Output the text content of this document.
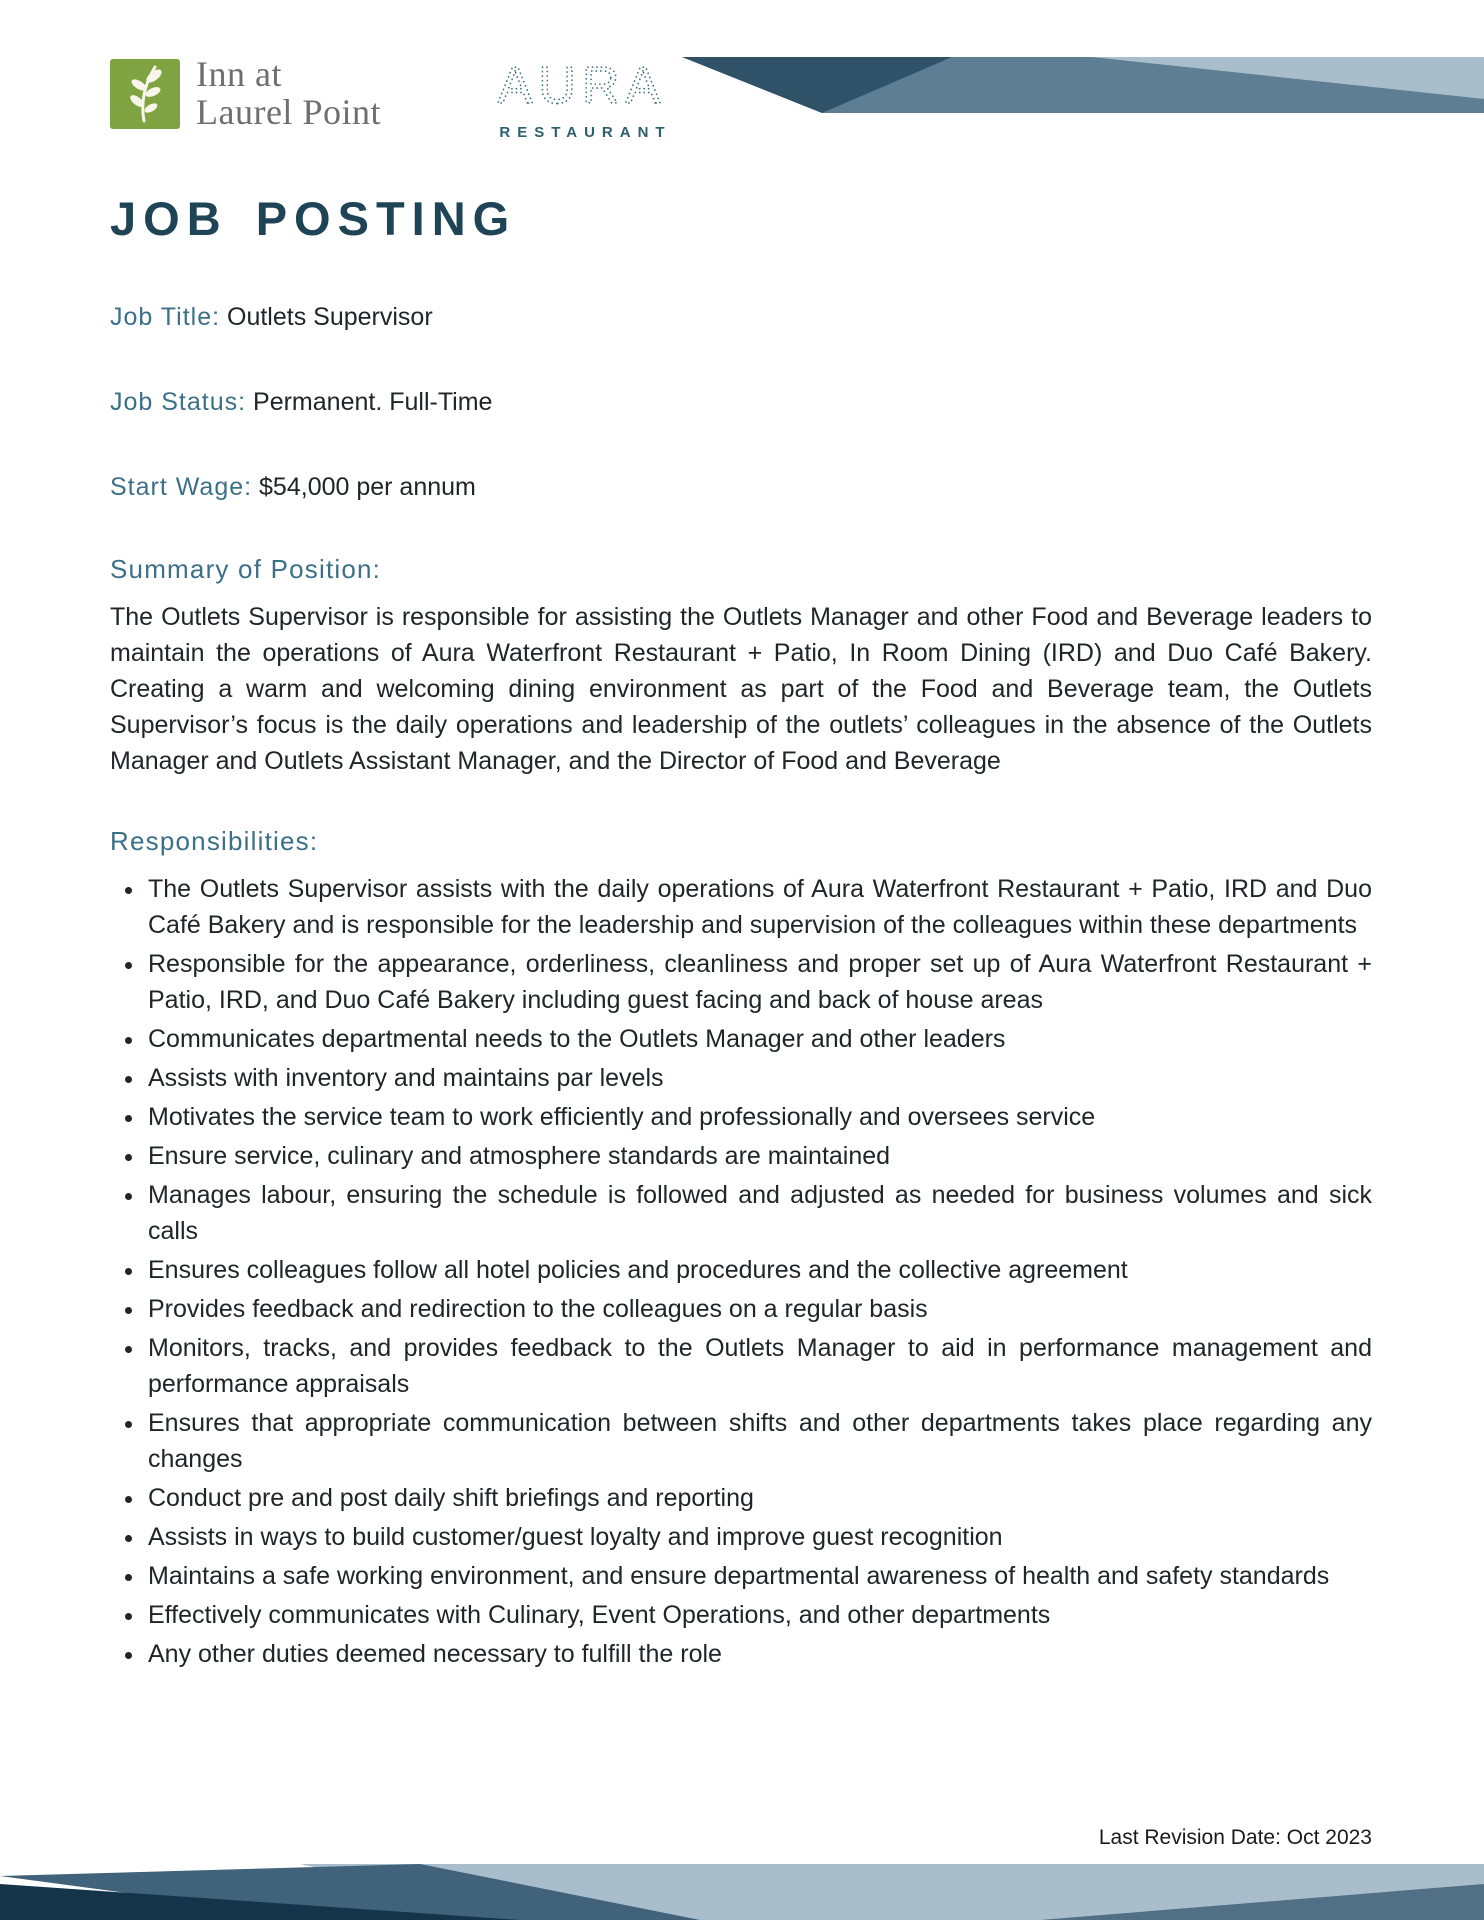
Inn at
Laurel Point AURA
RESTAURANT
JOB POSTING
Job Title: Outlets Supervisor
Job Status: Permanent. Full-Time
Start Wage: $54,000 per annum
Summary of Position:

The Outlets Supervisor is responsible for assisting the Outlets Manager and other Food and Beverage leaders to maintain the operations of Aura Waterfront Restaurant + Patio, In Room Dining (IRD) and Duo Café Bakery. Creating a warm and welcoming dining environment as part of the Food and Beverage team, the Outlets Supervisor’s focus is the daily operations and leadership of the outlets’ colleagues in the absence of the Outlets Manager and Outlets Assistant Manager, and the Director of Food and Beverage

Responsibilities:
• The Outlets Supervisor assists with the daily operations of Aura Waterfront Restaurant + Patio, IRD and Duo Café Bakery and is responsible for the leadership and supervision of the colleagues within these departments
• Responsible for the appearance, orderliness, cleanliness and proper set up of Aura Waterfront Restaurant + Patio, IRD, and Duo Café Bakery including guest facing and back of house areas
• Communicates departmental needs to the Outlets Manager and other leaders
• Assists with inventory and maintains par levels
• Motivates the service team to work efficiently and professionally and oversees service
• Ensure service, culinary and atmosphere standards are maintained
• Manages labour, ensuring the schedule is followed and adjusted as needed for business volumes and sick calls
• Ensures colleagues follow all hotel policies and procedures and the collective agreement
• Provides feedback and redirection to the colleagues on a regular basis
• Monitors, tracks, and provides feedback to the Outlets Manager to aid in performance management and performance appraisals
• Ensures that appropriate communication between shifts and other departments takes place regarding any changes
• Conduct pre and post daily shift briefings and reporting
• Assists in ways to build customer/guest loyalty and improve guest recognition
• Maintains a safe working environment, and ensure departmental awareness of health and safety standards
• Effectively communicates with Culinary, Event Operations, and other departments
• Any other duties deemed necessary to fulfill the role
Last Revision Date: Oct 2023
